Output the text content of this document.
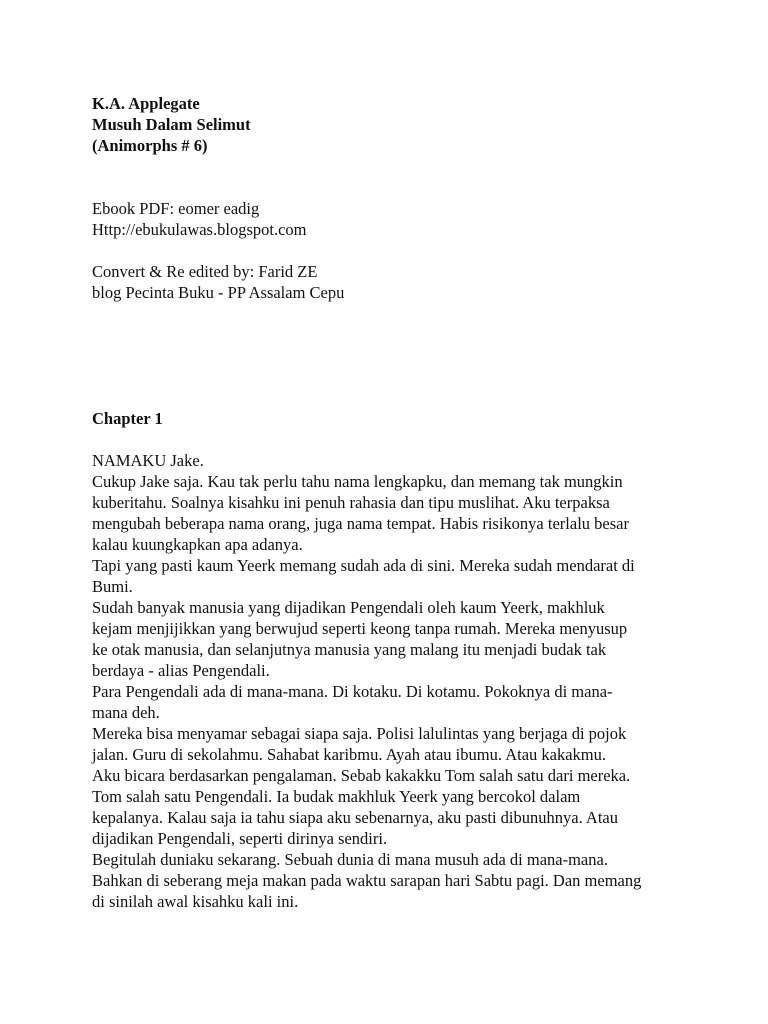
K.A. Applegate
Musuh Dalam Selimut
(Animorphs # 6)
Ebook PDF: eomer eadig
Http://ebukulawas.blogspot.com
Convert & Re edited by: Farid ZE
blog Pecinta Buku - PP Assalam Cepu
Chapter 1
NAMAKU Jake.
Cukup Jake saja. Kau tak perlu tahu nama lengkapku, dan memang tak mungkin
kuberitahu. Soalnya kisahku ini penuh rahasia dan tipu muslihat. Aku terpaksa
mengubah beberapa nama orang, juga nama tempat. Habis risikonya terlalu besar
kalau kuungkapkan apa adanya.
Tapi yang pasti kaum Yeerk memang sudah ada di sini. Mereka sudah mendarat di
Bumi.
Sudah banyak manusia yang dijadikan Pengendali oleh kaum Yeerk, makhluk
kejam menjijikkan yang berwujud seperti keong tanpa rumah. Mereka menyusup
ke otak manusia, dan selanjutnya manusia yang malang itu menjadi budak tak
berdaya - alias Pengendali.
Para Pengendali ada di mana-mana. Di kotaku. Di kotamu. Pokoknya di mana-
mana deh.
Mereka bisa menyamar sebagai siapa saja. Polisi lalulintas yang berjaga di pojok
jalan. Guru di sekolahmu. Sahabat karibmu. Ayah atau ibumu. Atau kakakmu.
Aku bicara berdasarkan pengalaman. Sebab kakakku Tom salah satu dari mereka.
Tom salah satu Pengendali. Ia budak makhluk Yeerk yang bercokol dalam
kepalanya. Kalau saja ia tahu siapa aku sebenarnya, aku pasti dibunuhnya. Atau
dijadikan Pengendali, seperti dirinya sendiri.
Begitulah duniaku sekarang. Sebuah dunia di mana musuh ada di mana-mana.
Bahkan di seberang meja makan pada waktu sarapan hari Sabtu pagi. Dan memang
di sinilah awal kisahku kali ini.
